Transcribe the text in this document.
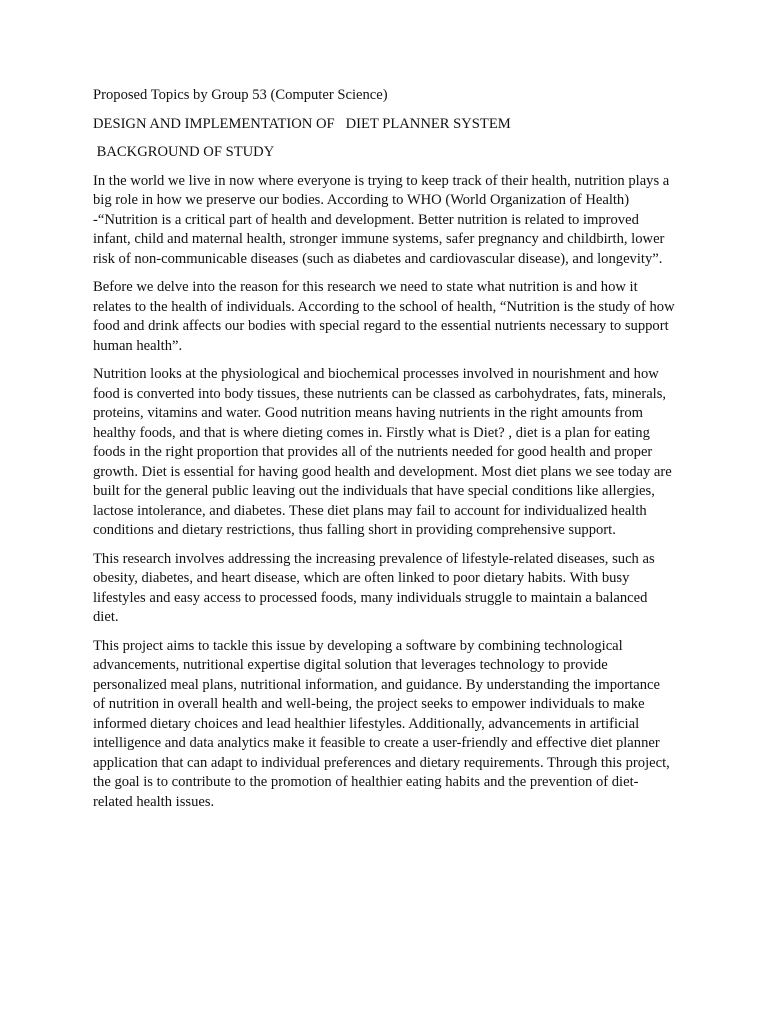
Proposed Topics by Group 53 (Computer Science)
DESIGN AND IMPLEMENTATION OF   DIET PLANNER SYSTEM
BACKGROUND OF STUDY

In the world we live in now where everyone is trying to keep track of their health, nutrition plays a big role in how we preserve our bodies. According to WHO (World Organization of Health) -“Nutrition is a critical part of health and development. Better nutrition is related to improved infant, child and maternal health, stronger immune systems, safer pregnancy and childbirth, lower risk of non-communicable diseases (such as diabetes and cardiovascular disease), and longevity”.

Before we delve into the reason for this research we need to state what nutrition is and how it relates to the health of individuals. According to the school of health, “Nutrition is the study of how food and drink affects our bodies with special regard to the essential nutrients necessary to support human health”.

Nutrition looks at the physiological and biochemical processes involved in nourishment and how food is converted into body tissues, these nutrients can be classed as carbohydrates, fats, minerals, proteins, vitamins and water. Good nutrition means having nutrients in the right amounts from healthy foods, and that is where dieting comes in. Firstly what is Diet? , diet is a plan for eating foods in the right proportion that provides all of the nutrients needed for good health and proper growth. Diet is essential for having good health and development. Most diet plans we see today are built for the general public leaving out the individuals that have special conditions like allergies, lactose intolerance, and diabetes. These diet plans may fail to account for individualized health conditions and dietary restrictions, thus falling short in providing comprehensive support.

This research involves addressing the increasing prevalence of lifestyle-related diseases, such as obesity, diabetes, and heart disease, which are often linked to poor dietary habits. With busy lifestyles and easy access to processed foods, many individuals struggle to maintain a balanced diet.

This project aims to tackle this issue by developing a software by combining technological advancements, nutritional expertise digital solution that leverages technology to provide personalized meal plans, nutritional information, and guidance. By understanding the importance of nutrition in overall health and well-being, the project seeks to empower individuals to make informed dietary choices and lead healthier lifestyles. Additionally, advancements in artificial intelligence and data analytics make it feasible to create a user-friendly and effective diet planner application that can adapt to individual preferences and dietary requirements. Through this project, the goal is to contribute to the promotion of healthier eating habits and the prevention of diet-related health issues.
